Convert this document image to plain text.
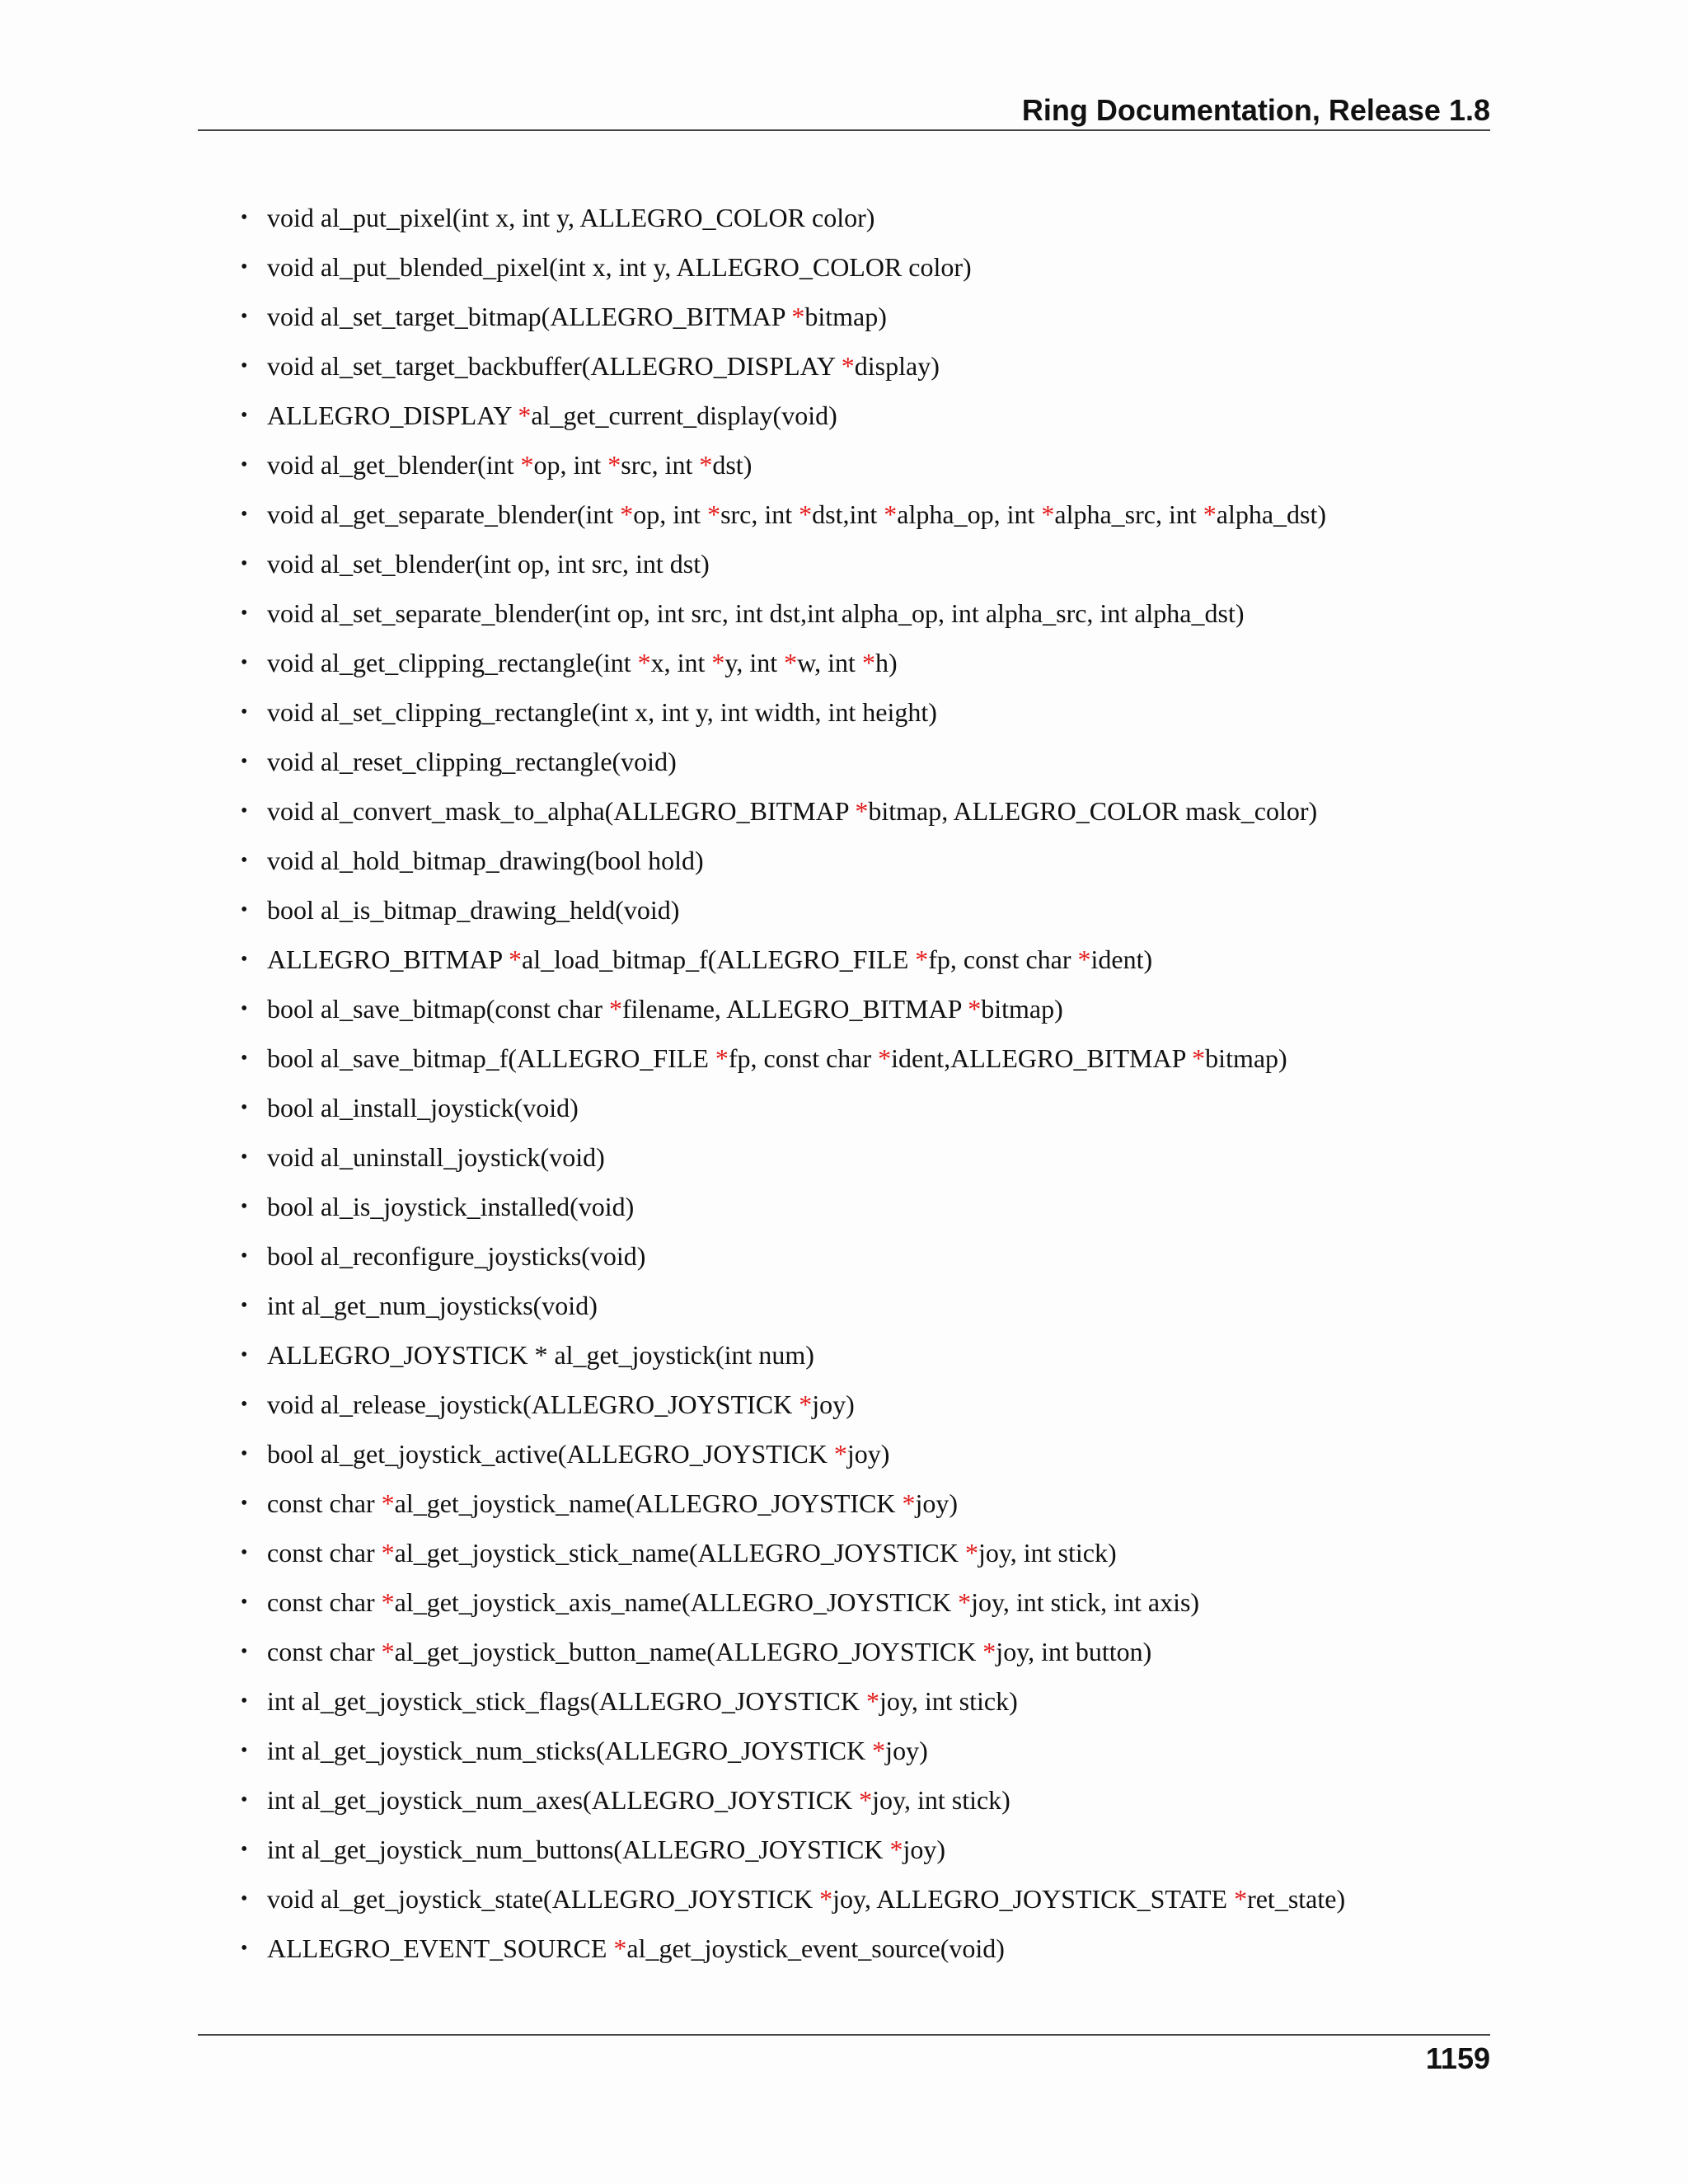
Ring Documentation, Release 1.8
• void al_put_pixel(int x, int y, ALLEGRO_COLOR color)
• void al_put_blended_pixel(int x, int y, ALLEGRO_COLOR color)
• void al_set_target_bitmap(ALLEGRO_BITMAP *bitmap)
• void al_set_target_backbuffer(ALLEGRO_DISPLAY *display)
• ALLEGRO_DISPLAY *al_get_current_display(void)
• void al_get_blender(int *op, int *src, int *dst)
• void al_get_separate_blender(int *op, int *src, int *dst,int *alpha_op, int *alpha_src, int *alpha_dst)
• void al_set_blender(int op, int src, int dst)
• void al_set_separate_blender(int op, int src, int dst,int alpha_op, int alpha_src, int alpha_dst)
• void al_get_clipping_rectangle(int *x, int *y, int *w, int *h)
• void al_set_clipping_rectangle(int x, int y, int width, int height)
• void al_reset_clipping_rectangle(void)
• void al_convert_mask_to_alpha(ALLEGRO_BITMAP *bitmap, ALLEGRO_COLOR mask_color)
• void al_hold_bitmap_drawing(bool hold)
• bool al_is_bitmap_drawing_held(void)
• ALLEGRO_BITMAP *al_load_bitmap_f(ALLEGRO_FILE *fp, const char *ident)
• bool al_save_bitmap(const char *filename, ALLEGRO_BITMAP *bitmap)
• bool al_save_bitmap_f(ALLEGRO_FILE *fp, const char *ident,ALLEGRO_BITMAP *bitmap)
• bool al_install_joystick(void)
• void al_uninstall_joystick(void)
• bool al_is_joystick_installed(void)
• bool al_reconfigure_joysticks(void)
• int al_get_num_joysticks(void)
• ALLEGRO_JOYSTICK * al_get_joystick(int num)
• void al_release_joystick(ALLEGRO_JOYSTICK *joy)
• bool al_get_joystick_active(ALLEGRO_JOYSTICK *joy)
• const char *al_get_joystick_name(ALLEGRO_JOYSTICK *joy)
• const char *al_get_joystick_stick_name(ALLEGRO_JOYSTICK *joy, int stick)
• const char *al_get_joystick_axis_name(ALLEGRO_JOYSTICK *joy, int stick, int axis)
• const char *al_get_joystick_button_name(ALLEGRO_JOYSTICK *joy, int button)
• int al_get_joystick_stick_flags(ALLEGRO_JOYSTICK *joy, int stick)
• int al_get_joystick_num_sticks(ALLEGRO_JOYSTICK *joy)
• int al_get_joystick_num_axes(ALLEGRO_JOYSTICK *joy, int stick)
• int al_get_joystick_num_buttons(ALLEGRO_JOYSTICK *joy)
• void al_get_joystick_state(ALLEGRO_JOYSTICK *joy, ALLEGRO_JOYSTICK_STATE *ret_state)
• ALLEGRO_EVENT_SOURCE *al_get_joystick_event_source(void)
1159
